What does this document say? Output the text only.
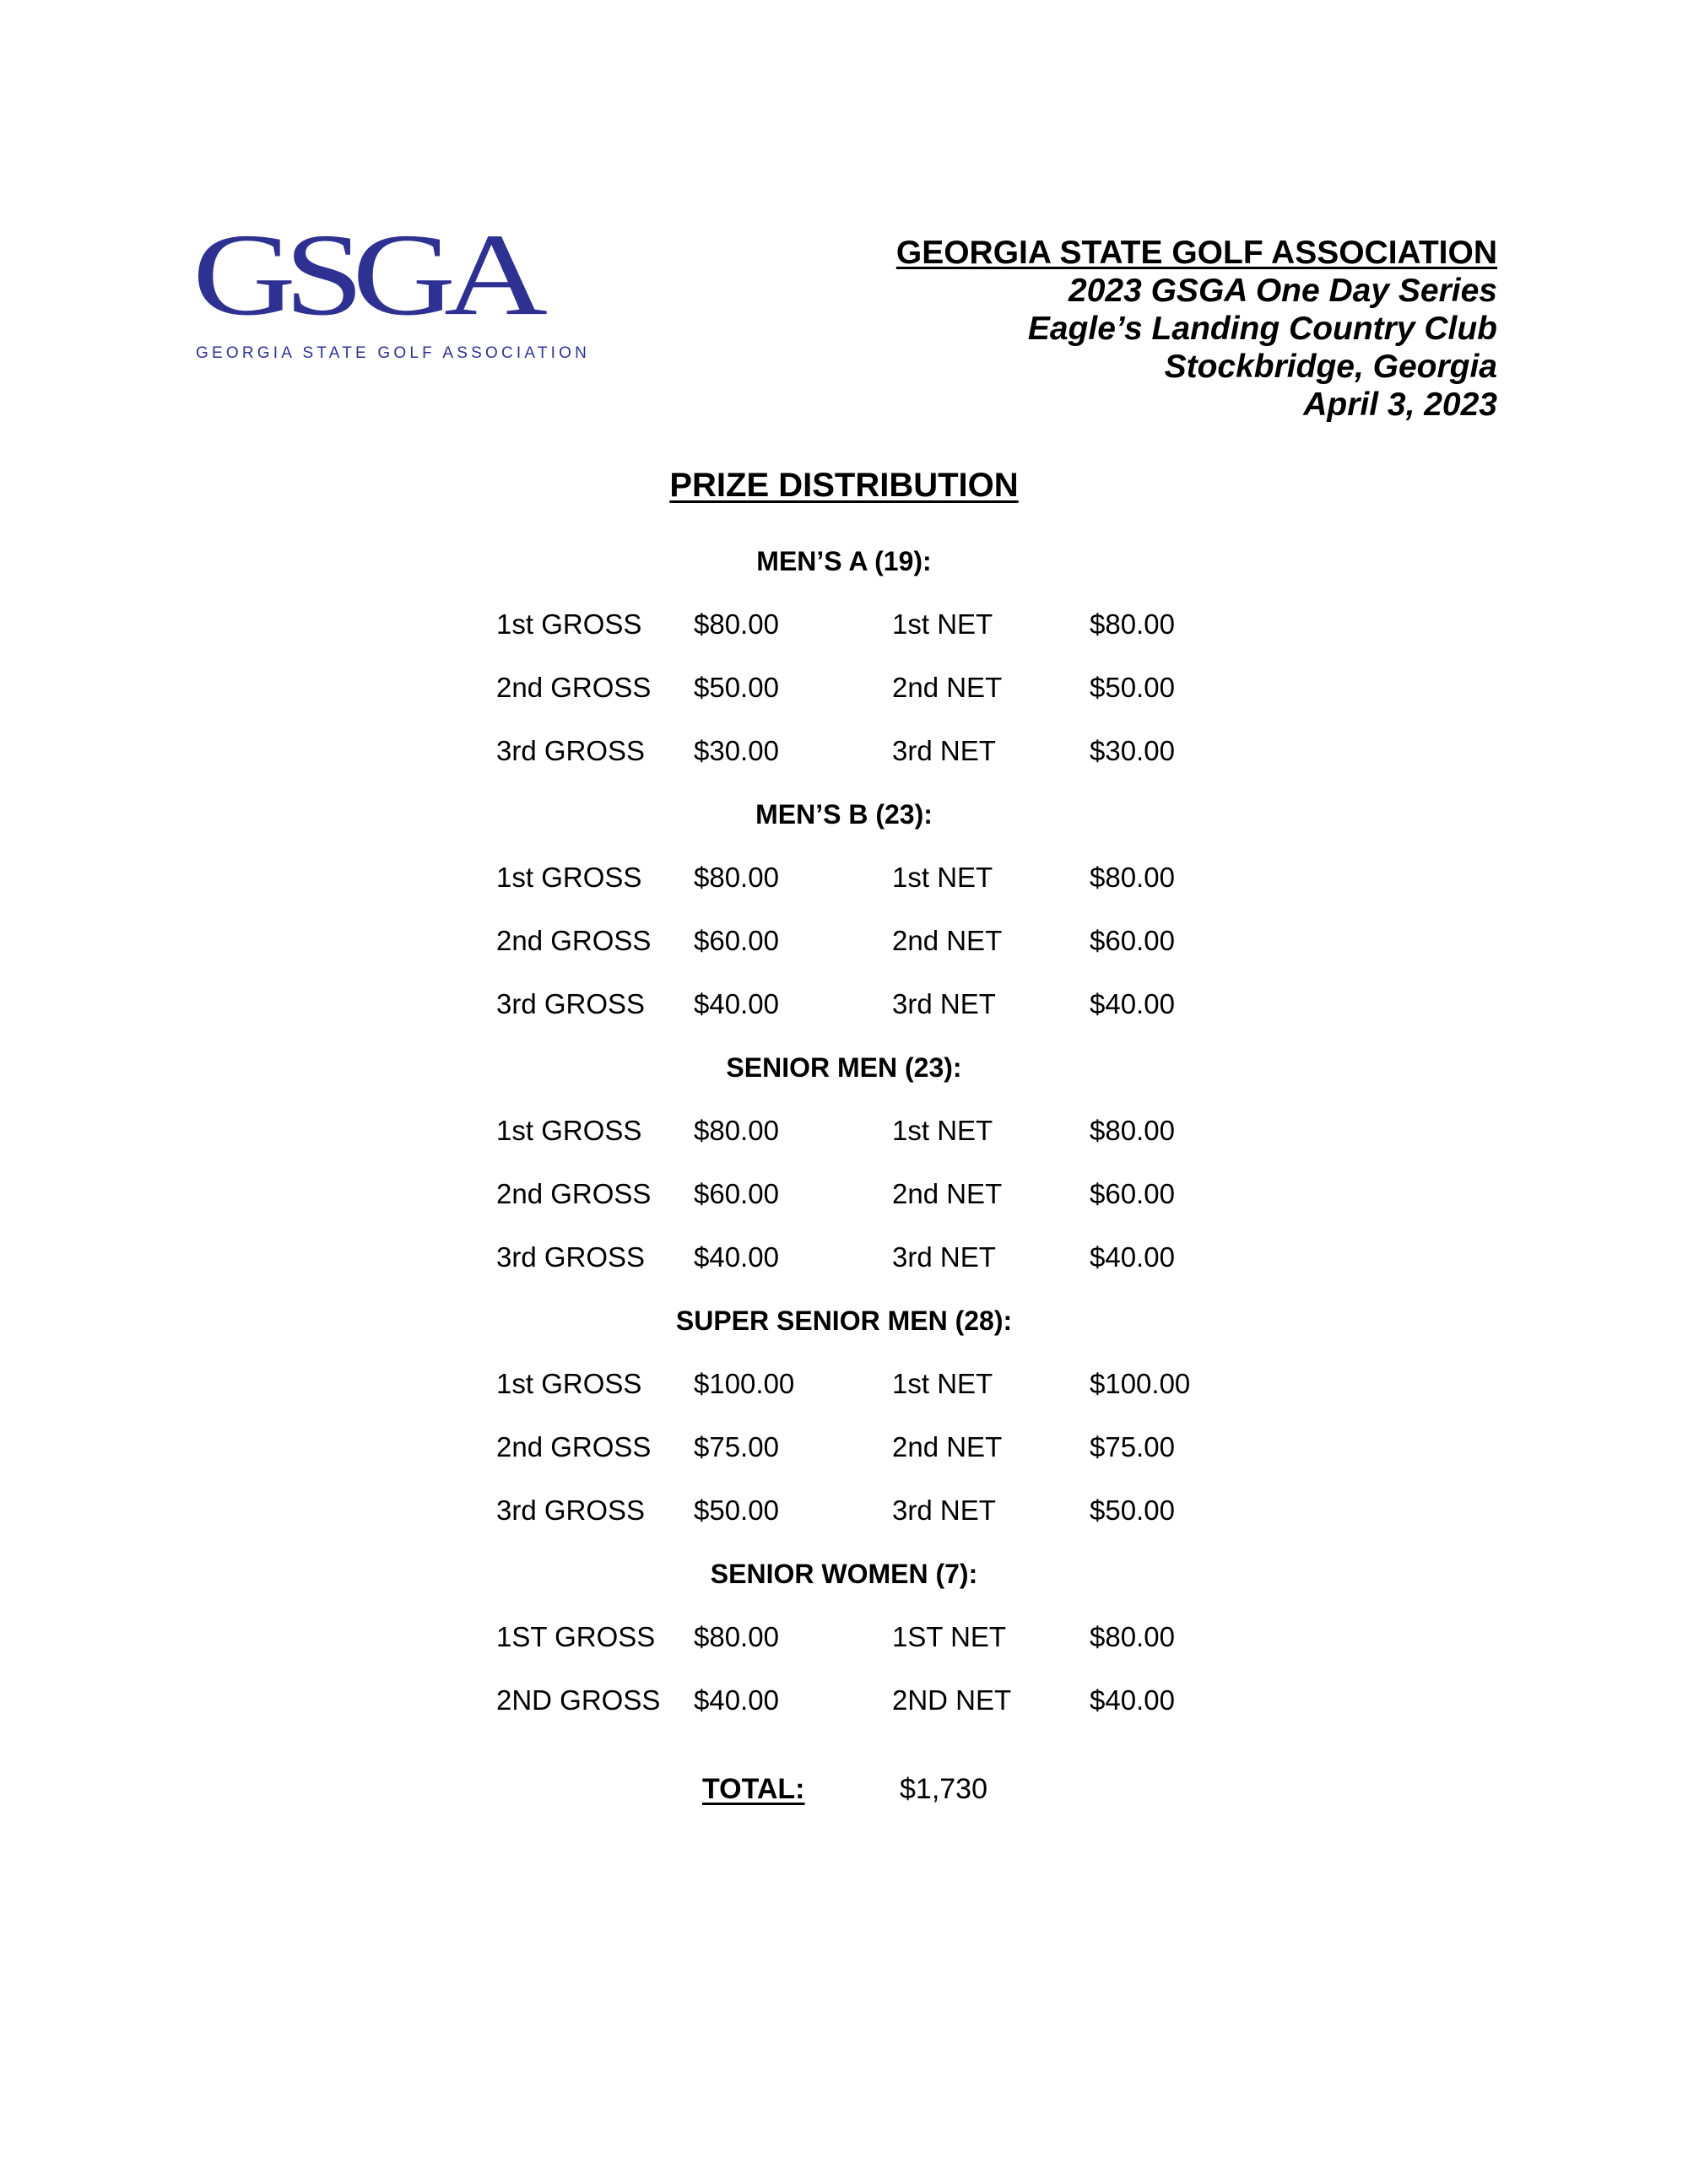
GSGA
GEORGIA STATE GOLF ASSOCIATION
GEORGIA STATE GOLF ASSOCIATION
2023 GSGA One Day Series
Eagle’s Landing Country Club
Stockbridge, Georgia
April 3, 2023
PRIZE DISTRIBUTION
MEN’S A (19):
1st GROSS $80.00	1st NET	$80.00
2nd GROSS $50.00	2nd NET	$50.00
3rd GROSS $30.00	3rd NET	$30.00
MEN’S B (23):
1st GROSS $80.00	1st NET	$80.00
2nd GROSS $60.00	2nd NET	$60.00
3rd GROSS $40.00	3rd NET	$40.00
SENIOR MEN (23):
1st GROSS $80.00	1st NET	$80.00
2nd GROSS $60.00	2nd NET	$60.00
3rd GROSS $40.00	3rd NET	$40.00
SUPER SENIOR MEN (28):
1st GROSS $100.00	1st NET	$100.00
2nd GROSS $75.00	2nd NET	$75.00
3rd GROSS $50.00	3rd NET	$50.00
SENIOR WOMEN (7):
1ST GROSS $80.00	1ST NET	$80.00
2ND GROSS $40.00	2ND NET	$40.00
TOTAL:	$1,730
